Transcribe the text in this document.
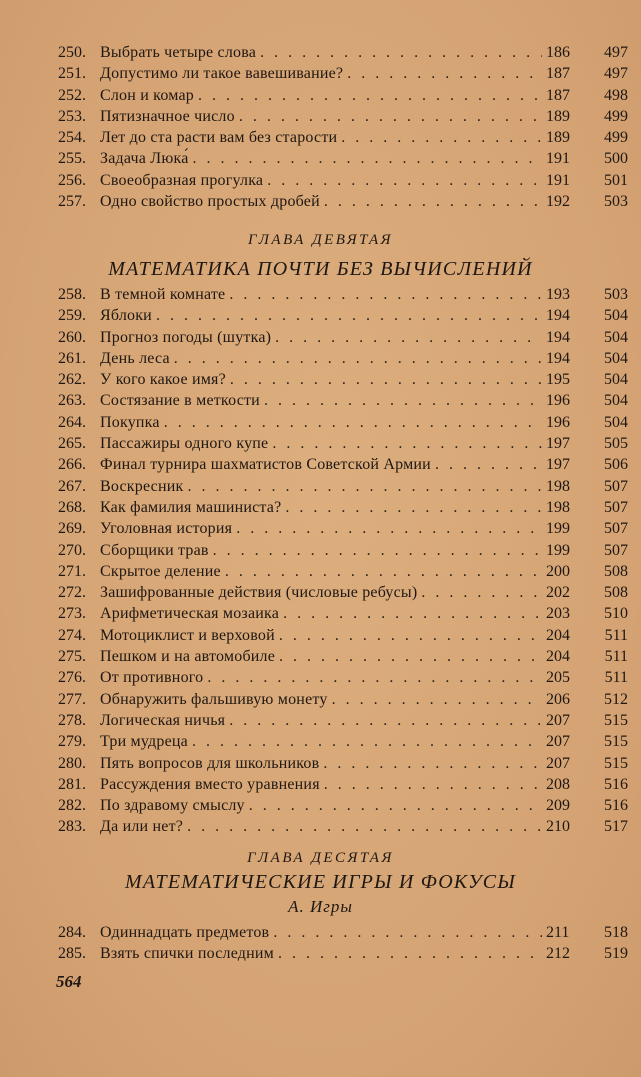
250. Выбрать четыре слова . . .	186	497
251. Допустимо ли такое вавешивание? . . .	187	497
252. Слон и комар . . .	187	498
253. Пятизначное число . . .	189	499
254. Лет до ста расти вам без старости . . .	189	499
255. Задача Люка́ . . .	191	500
256. Своеобразная прогулка . . .	191	501
257. Одно свойство простых дробей . . .	192	503
ГЛАВА ДЕВЯТАЯ
МАТЕМАТИКА ПОЧТИ БЕЗ ВЫЧИСЛЕНИЙ
258. В темной комнате . . .	193	503
259. Яблоки . . .	194	504
260. Прогноз погоды (шутка) . . .	194	504
261. День леса . . .	194	504
262. У кого какое имя? . . .	195	504
263. Состязание в меткости . . .	196	504
264. Покупка . . .	196	504
265. Пассажиры одного купе . . .	197	505
266. Финал турнира шахматистов Советской Армии . . .	197	506
267. Воскресник . . .	198	507
268. Как фамилия машиниста? . . .	198	507
269. Уголовная история . . .	199	507
270. Сборщики трав . . .	199	507
271. Скрытое деление . . .	200	508
272. Зашифрованные действия (числовые ребусы) . . .	202	508
273. Арифметическая мозаика . . .	203	510
274. Мотоциклист и верховой . . .	204	511
275. Пешком и на автомобиле . . .	204	511
276. От противного . . .	205	511
277. Обнаружить фальшивую монету . . .	206	512
278. Логическая ничья . . .	207	515
279. Три мудреца . . .	207	515
280. Пять вопросов для школьников . . .	207	515
281. Рассуждения вместо уравнения . . .	208	516
282. По здравому смыслу . . .	209	516
283. Да или нет? . . .	210	517
ГЛАВА ДЕСЯТАЯ
МАТЕМАТИЧЕСКИЕ ИГРЫ И ФОКУСЫ
А. Игры
284. Одиннадцать предметов . . .	211	518
285. Взять спички последним . . .	212	519
564
